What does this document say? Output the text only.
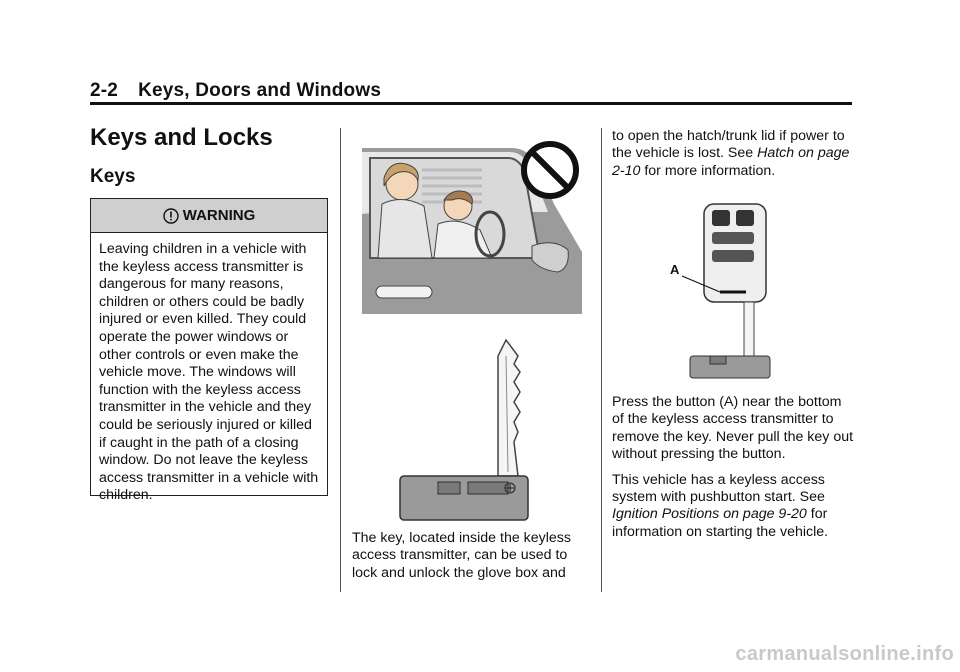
2-2 Keys, Doors and Windows
Keys and Locks
Keys
WARNING
Leaving children in a vehicle with the keyless access transmitter is dangerous for many reasons, children or others could be badly injured or even killed. They could operate the power windows or other controls or even make the vehicle move. The windows will function with the keyless access transmitter in the vehicle and they could be seriously injured or killed if caught in the path of a closing window. Do not leave the keyless access transmitter in a vehicle with children.

The key, located inside the keyless access transmitter, can be used to lock and unlock the glove box and

to open the hatch/trunk lid if power to the vehicle is lost. See Hatch on page 2-10 for more information.

A

Press the button (A) near the bottom of the keyless access transmitter to remove the key. Never pull the key out without pressing the button.

This vehicle has a keyless access system with pushbutton start. See Ignition Positions on page 9-20 for information on starting the vehicle.

carmanualsonline.info
